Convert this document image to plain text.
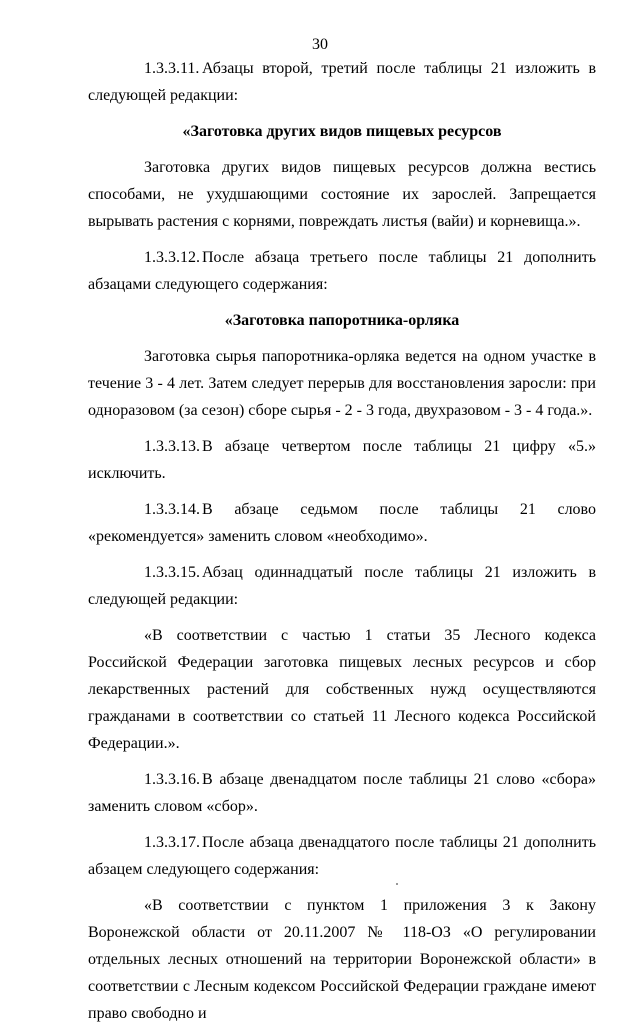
30

1.3.3.11. Абзацы второй, третий после таблицы 21 изложить в следующей редакции:

«Заготовка других видов пищевых ресурсов

Заготовка других видов пищевых ресурсов должна вестись способами, не ухудшающими состояние их зарослей. Запрещается вырывать растения с корнями, повреждать листья (вайи) и корневища.».

1.3.3.12. После абзаца третьего после таблицы 21 дополнить абзацами следующего содержания:

«Заготовка папоротника-орляка

Заготовка сырья папоротника-орляка ведется на одном участке в течение 3 - 4 лет. Затем следует перерыв для восстановления заросли: при одноразовом (за сезон) сборе сырья - 2 - 3 года, двухразовом - 3 - 4 года.».

1.3.3.13. В абзаце четвертом после таблицы 21 цифру «5.» исключить.

1.3.3.14. В абзаце седьмом после таблицы 21 слово «рекомендуется» заменить словом «необходимо».

1.3.3.15. Абзац одиннадцатый после таблицы 21 изложить в следующей редакции:

«В соответствии с частью 1 статьи 35 Лесного кодекса Российской Федерации заготовка пищевых лесных ресурсов и сбор лекарственных растений для собственных нужд осуществляются гражданами в соответствии со статьей 11 Лесного кодекса Российской Федерации.».

1.3.3.16. В абзаце двенадцатом после таблицы 21 слово «сбора» заменить словом «сбор».

1.3.3.17. После абзаца двенадцатого после таблицы 21 дополнить абзацем следующего содержания:

«В соответствии с пунктом 1 приложения 3 к Закону Воронежской области от 20.11.2007 № 118-ОЗ «О регулировании отдельных лесных отношений на территории Воронежской области» в соответствии с Лесным кодексом Российской Федерации граждане имеют право свободно и
